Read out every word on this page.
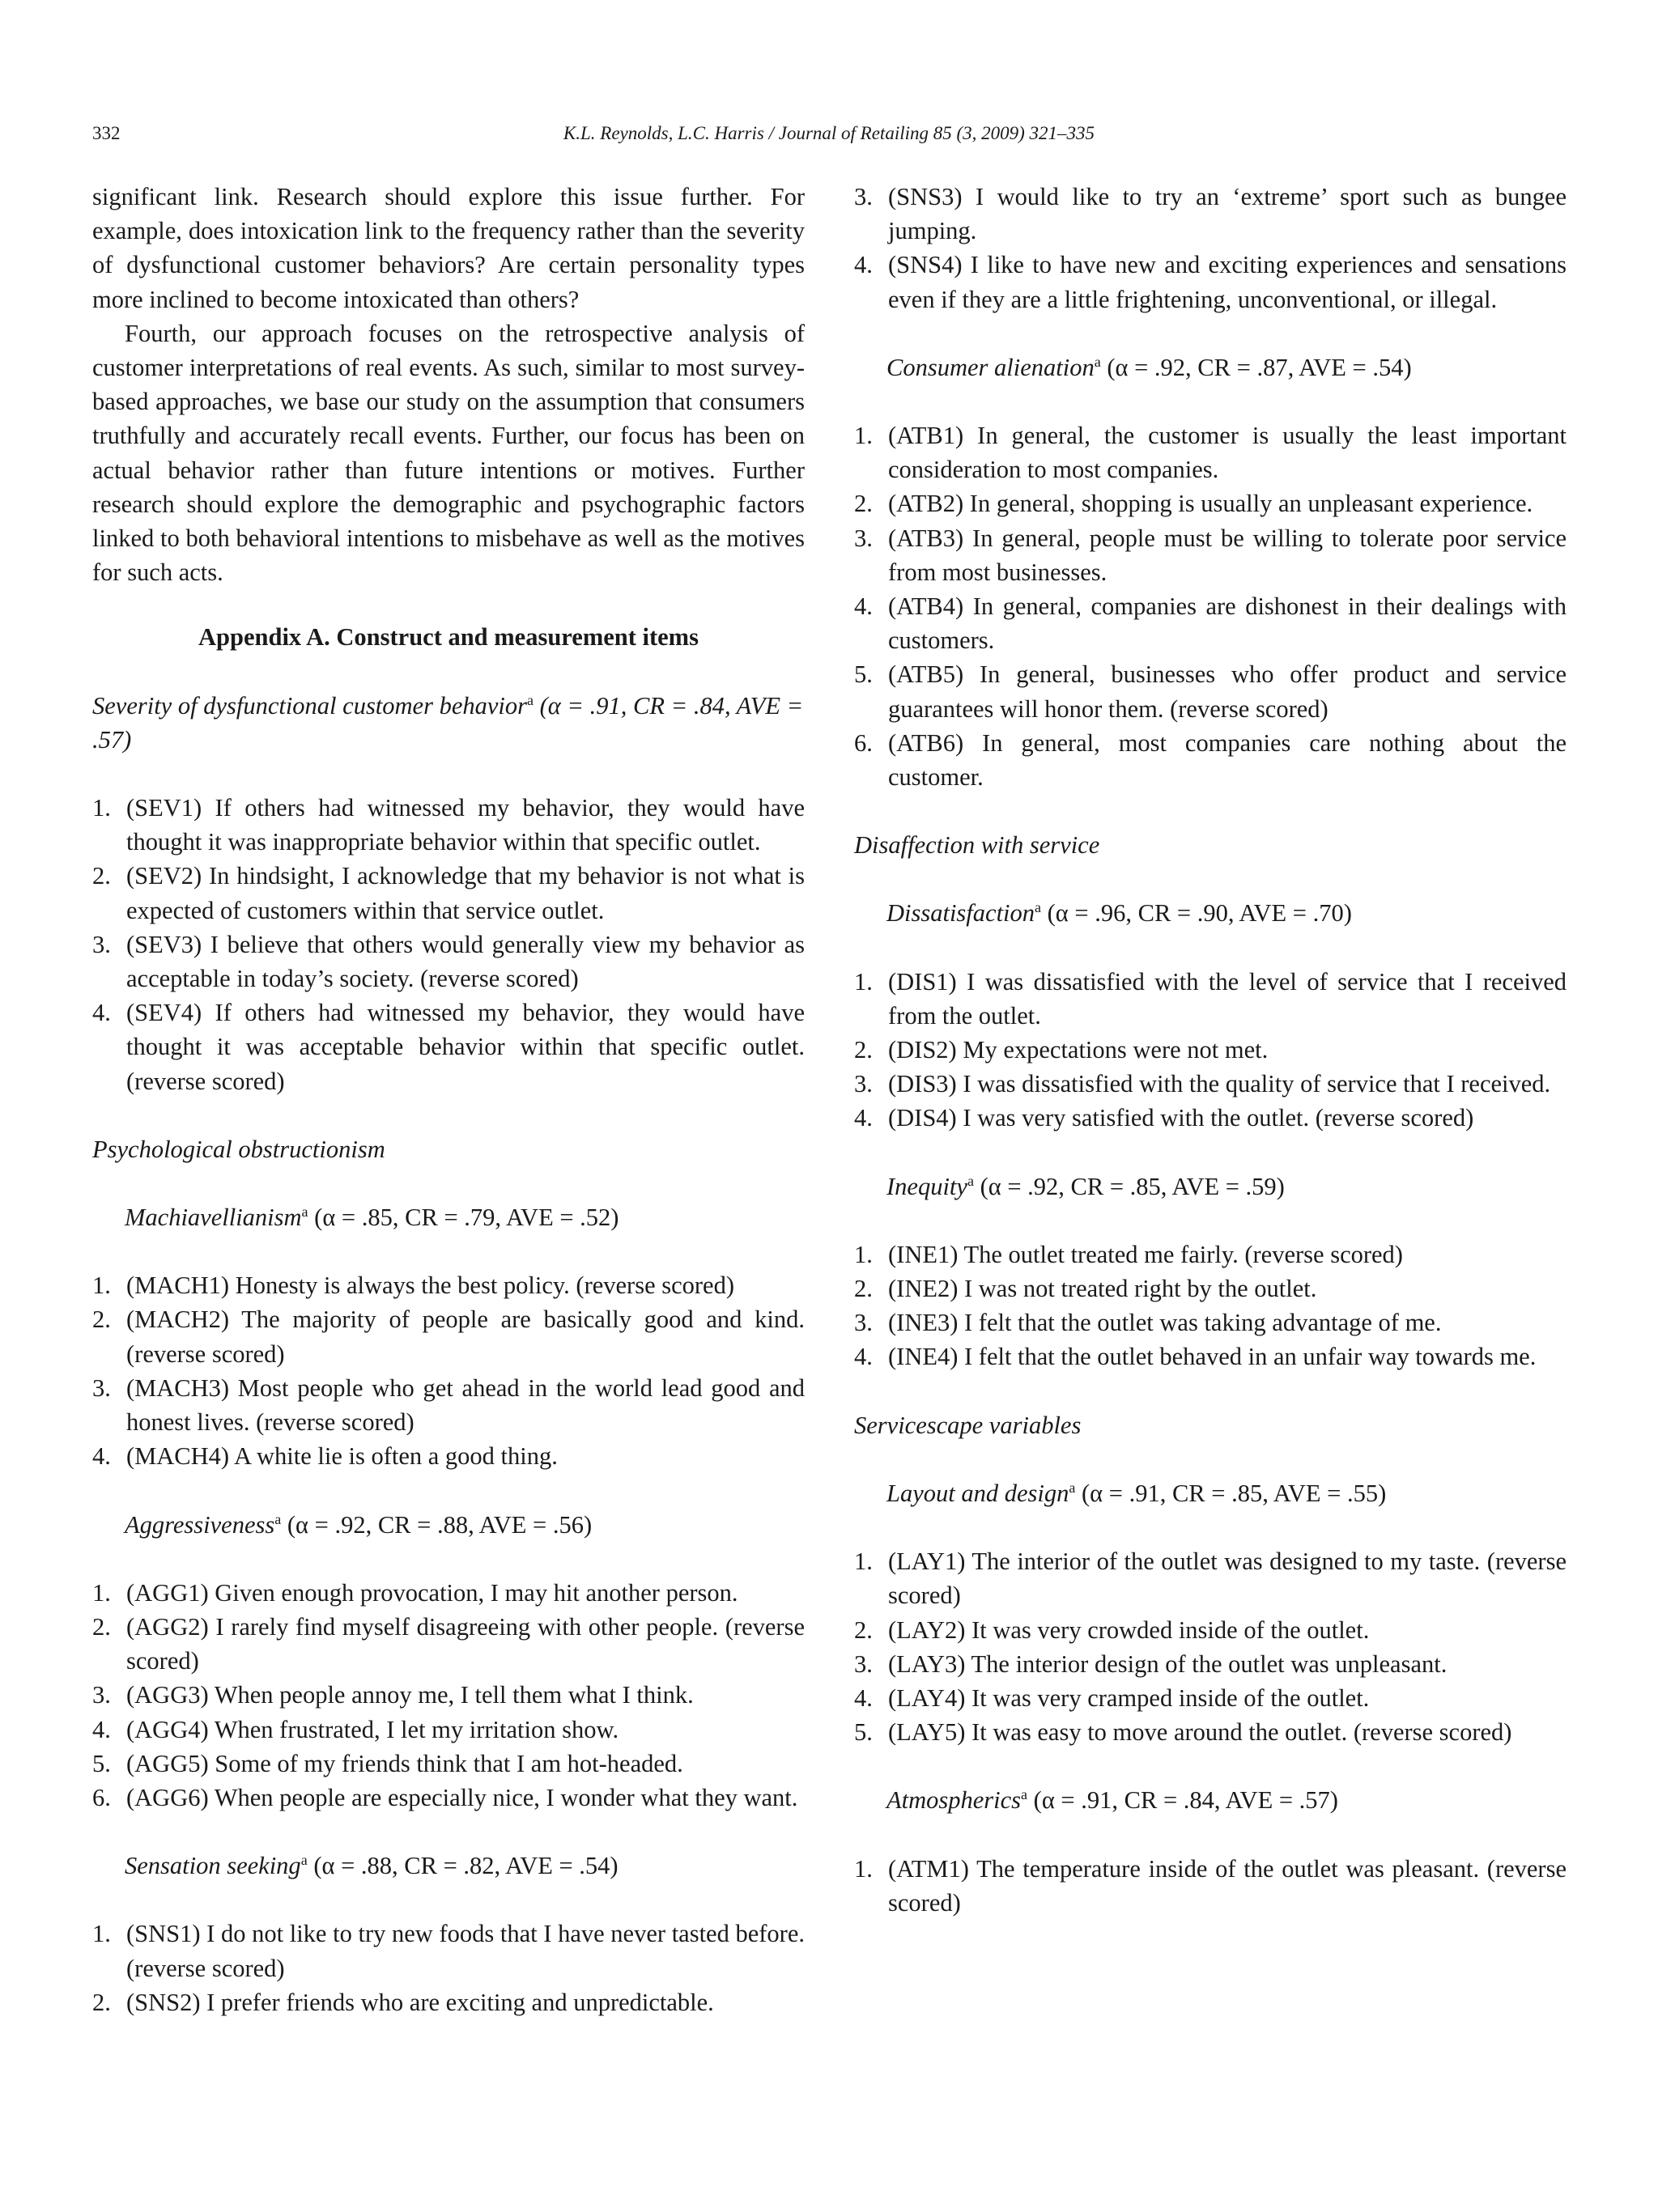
332	K.L. Reynolds, L.C. Harris / Journal of Retailing 85 (3, 2009) 321–335

significant link. Research should explore this issue further. For example, does intoxication link to the frequency rather than the severity of dysfunctional customer behaviors? Are certain personality types more inclined to become intoxicated than others?

Fourth, our approach focuses on the retrospective analysis of customer interpretations of real events. As such, similar to most survey-based approaches, we base our study on the assumption that consumers truthfully and accurately recall events. Further, our focus has been on actual behavior rather than future intentions or motives. Further research should explore the demographic and psychographic factors linked to both behavioral intentions to misbehave as well as the motives for such acts.

Appendix A. Construct and measurement items
Severity of dysfunctional customer behavior$^a$ (α = .91, CR = .84, AVE = .57)
1. (SEV1) If others had witnessed my behavior, they would have thought it was inappropriate behavior within that specific outlet.
2. (SEV2) In hindsight, I acknowledge that my behavior is not what is expected of customers within that service outlet.
3. (SEV3) I believe that others would generally view my behavior as acceptable in today’s society. (reverse scored)
4. (SEV4) If others had witnessed my behavior, they would have thought it was acceptable behavior within that specific outlet. (reverse scored)
Psychological obstructionism
Machiavellianism$^a$ (α = .85, CR = .79, AVE = .52)
1. (MACH1) Honesty is always the best policy. (reverse scored)
2. (MACH2) The majority of people are basically good and kind. (reverse scored)
3. (MACH3) Most people who get ahead in the world lead good and honest lives. (reverse scored)
4. (MACH4) A white lie is often a good thing.
Aggressiveness$^a$ (α = .92, CR = .88, AVE = .56)
1. (AGG1) Given enough provocation, I may hit another person.
2. (AGG2) I rarely find myself disagreeing with other people. (reverse scored)
3. (AGG3) When people annoy me, I tell them what I think.
4. (AGG4) When frustrated, I let my irritation show.
5. (AGG5) Some of my friends think that I am hot-headed.
6. (AGG6) When people are especially nice, I wonder what they want.
Sensation seeking$^a$ (α = .88, CR = .82, AVE = .54)
1. (SNS1) I do not like to try new foods that I have never tasted before. (reverse scored)
2. (SNS2) I prefer friends who are exciting and unpredictable.
3. (SNS3) I would like to try an ‘extreme’ sport such as bungee jumping.
4. (SNS4) I like to have new and exciting experiences and sensations even if they are a little frightening, unconventional, or illegal.
Consumer alienation$^a$ (α = .92, CR = .87, AVE = .54)
1. (ATB1) In general, the customer is usually the least important consideration to most companies.
2. (ATB2) In general, shopping is usually an unpleasant experience.
3. (ATB3) In general, people must be willing to tolerate poor service from most businesses.
4. (ATB4) In general, companies are dishonest in their dealings with customers.
5. (ATB5) In general, businesses who offer product and service guarantees will honor them. (reverse scored)
6. (ATB6) In general, most companies care nothing about the customer.
Disaffection with service
Dissatisfaction$^a$ (α = .96, CR = .90, AVE = .70)
1. (DIS1) I was dissatisfied with the level of service that I received from the outlet.
2. (DIS2) My expectations were not met.
3. (DIS3) I was dissatisfied with the quality of service that I received.
4. (DIS4) I was very satisfied with the outlet. (reverse scored)
Inequity$^a$ (α = .92, CR = .85, AVE = .59)
1. (INE1) The outlet treated me fairly. (reverse scored)
2. (INE2) I was not treated right by the outlet.
3. (INE3) I felt that the outlet was taking advantage of me.
4. (INE4) I felt that the outlet behaved in an unfair way towards me.
Servicescape variables
Layout and design$^a$ (α = .91, CR = .85, AVE = .55)
1. (LAY1) The interior of the outlet was designed to my taste. (reverse scored)
2. (LAY2) It was very crowded inside of the outlet.
3. (LAY3) The interior design of the outlet was unpleasant.
4. (LAY4) It was very cramped inside of the outlet.
5. (LAY5) It was easy to move around the outlet. (reverse scored)
Atmospherics$^a$ (α = .91, CR = .84, AVE = .57)
1. (ATM1) The temperature inside of the outlet was pleasant. (reverse scored)
